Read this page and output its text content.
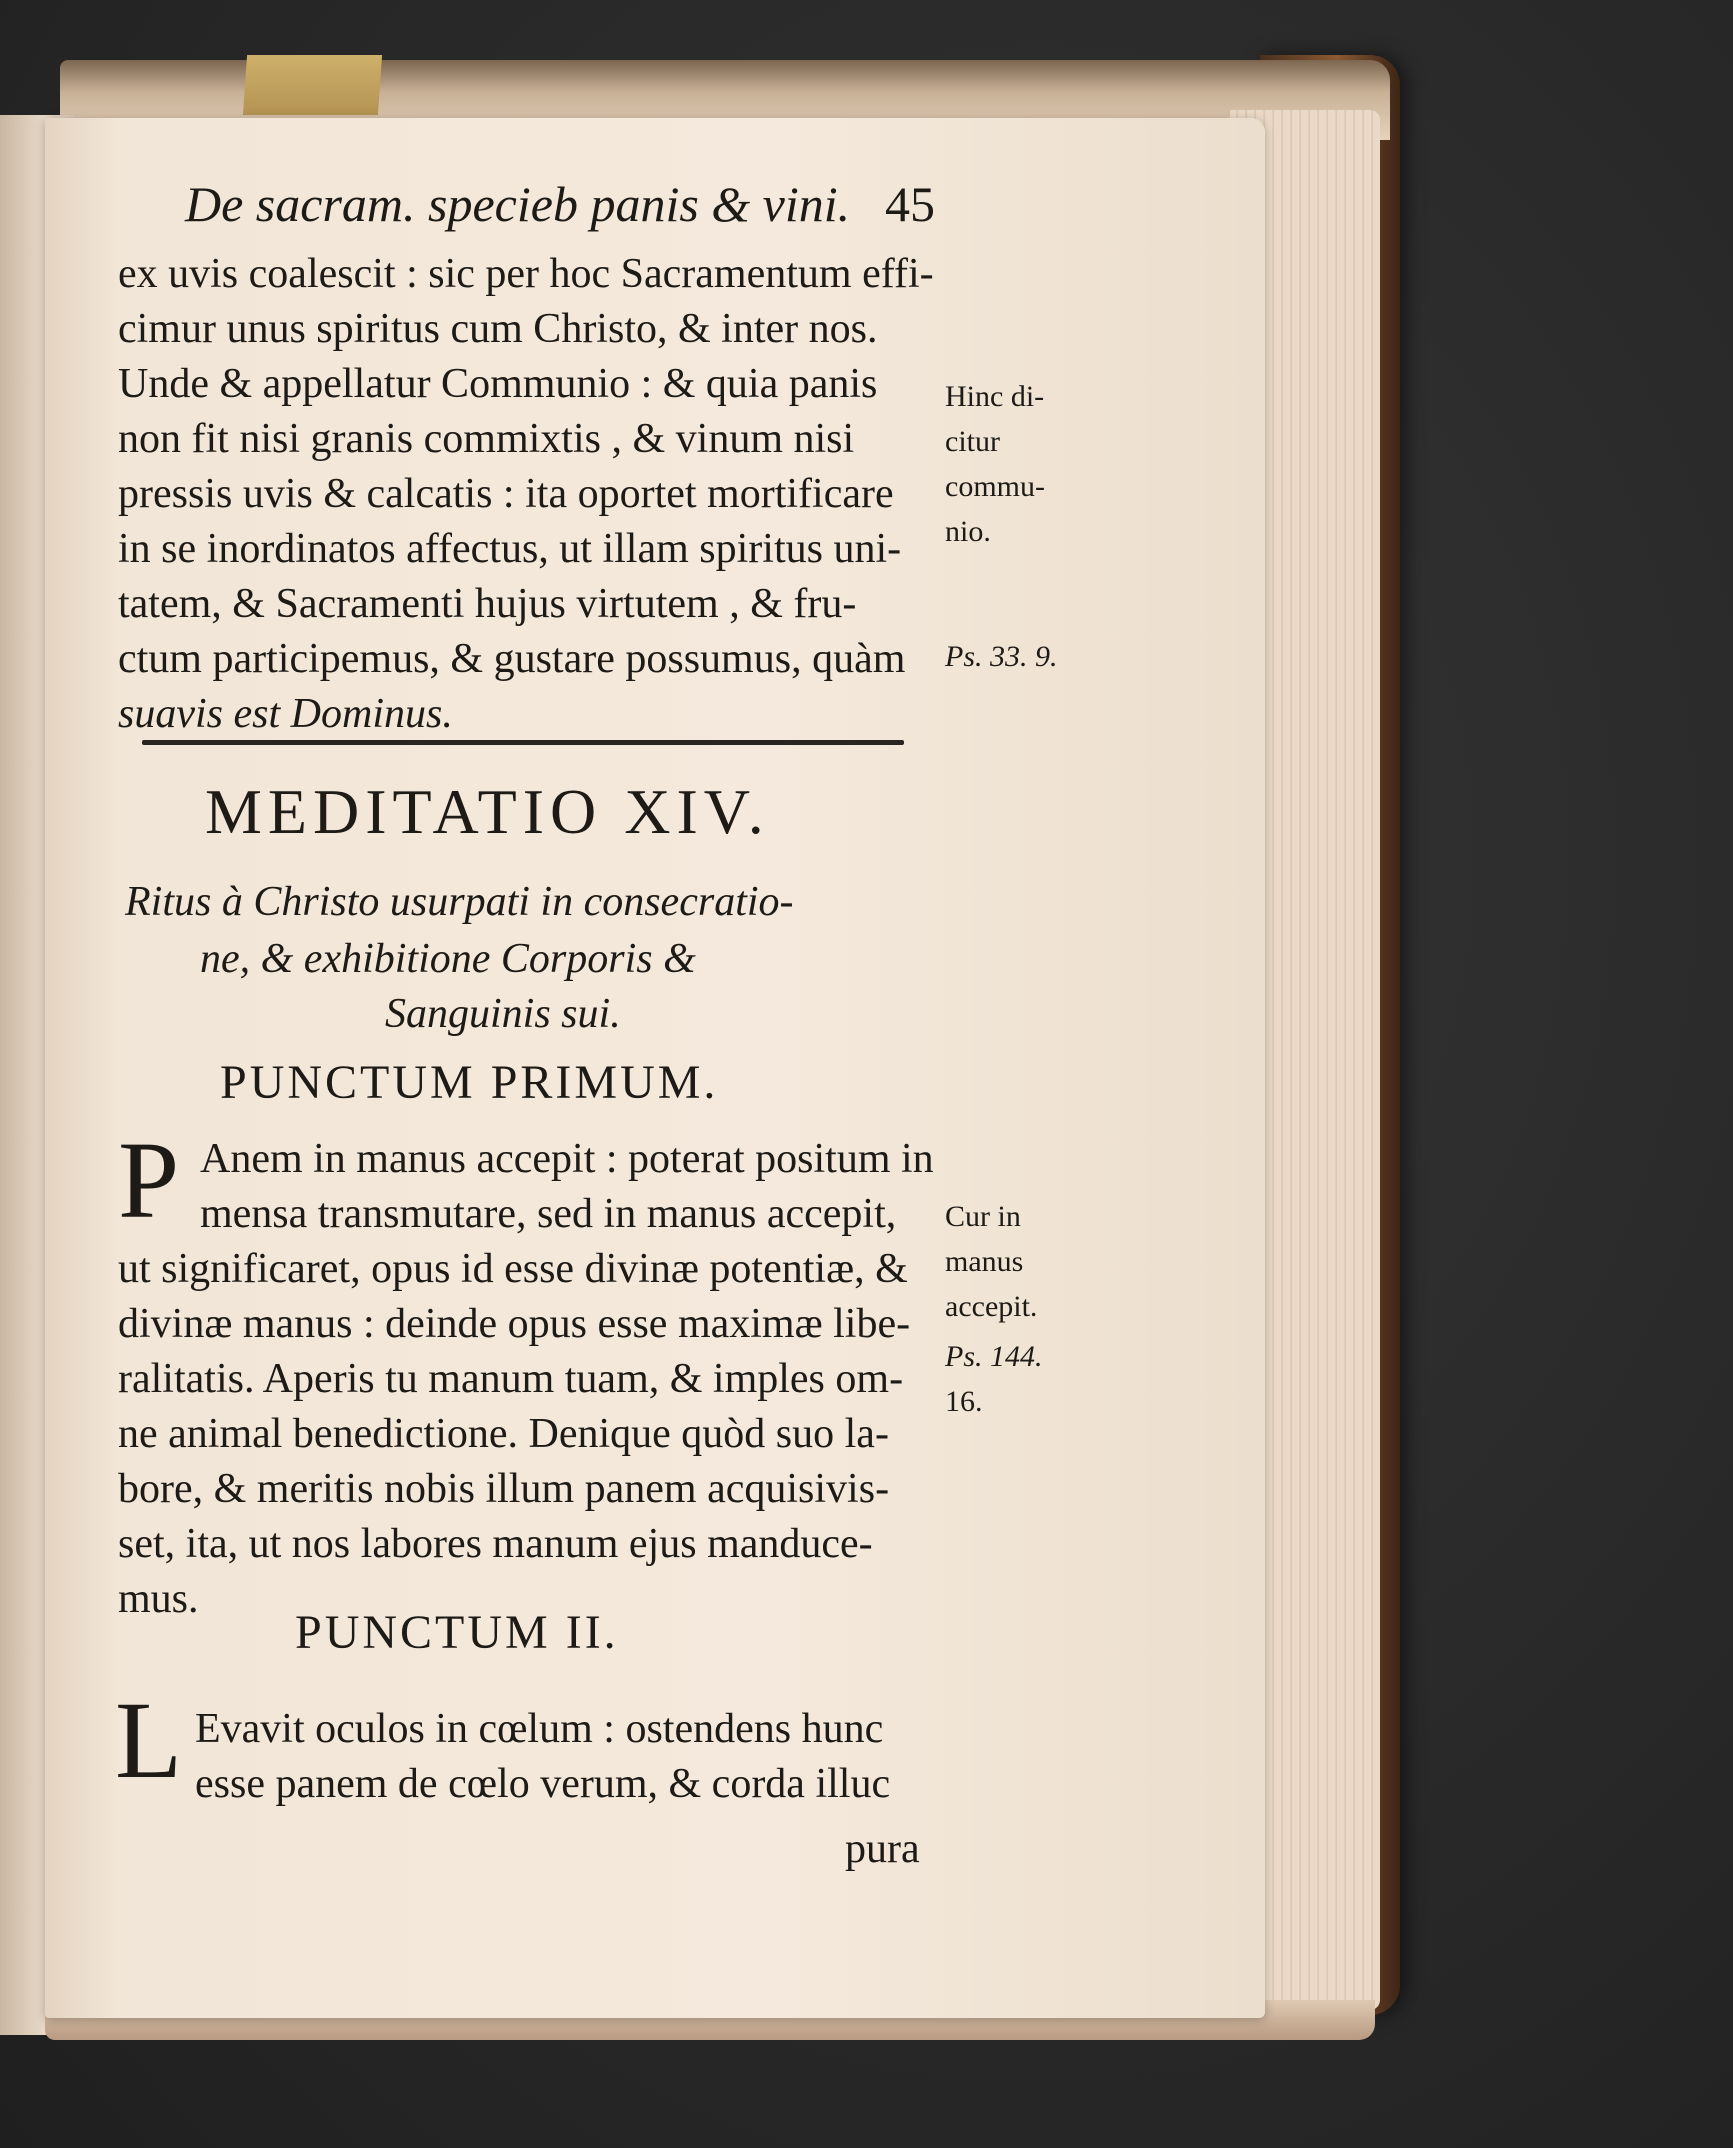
De sacram. specieb panis & vini. 45
ex uvis coalescit : sic per hoc Sacramentum effi-
cimur unus spiritus cum Christo, & inter nos.
Unde & appellatur Communio : & quia panis
non fit nisi granis commixtis , & vinum nisi
pressis uvis & calcatis : ita oportet mortificare
in se inordinatos affectus, ut illam spiritus uni-
tatem, & Sacramenti hujus virtutem , & fru-
ctum participemus, & gustare possumus, quàm
suavis est Dominus.
Hinc di-
citur
commu-
nio.
Ps. 33. 9.
MEDITATIO XIV.
Ritus à Christo usurpati in consecratio-
ne, & exhibitione Corporis &
Sanguinis sui.
PUNCTUM PRIMUM.
P Anem in manus accepit : poterat positum in
mensa transmutare, sed in manus accepit,
ut significaret, opus id esse divinæ potentiæ, &
divinæ manus : deinde opus esse maximæ libe-
ralitatis. Aperis tu manum tuam, & imples om-
ne animal benedictione. Denique quòd suo la-
bore, & meritis nobis illum panem acquisivis-
set, ita, ut nos labores manum ejus manduce-
mus.
Cur in
manus
accepit.
Ps. 144.
16.
PUNCTUM II.
L Evavit oculos in cœlum : ostendens hunc
esse panem de cœlo verum, & corda illuc
pura
